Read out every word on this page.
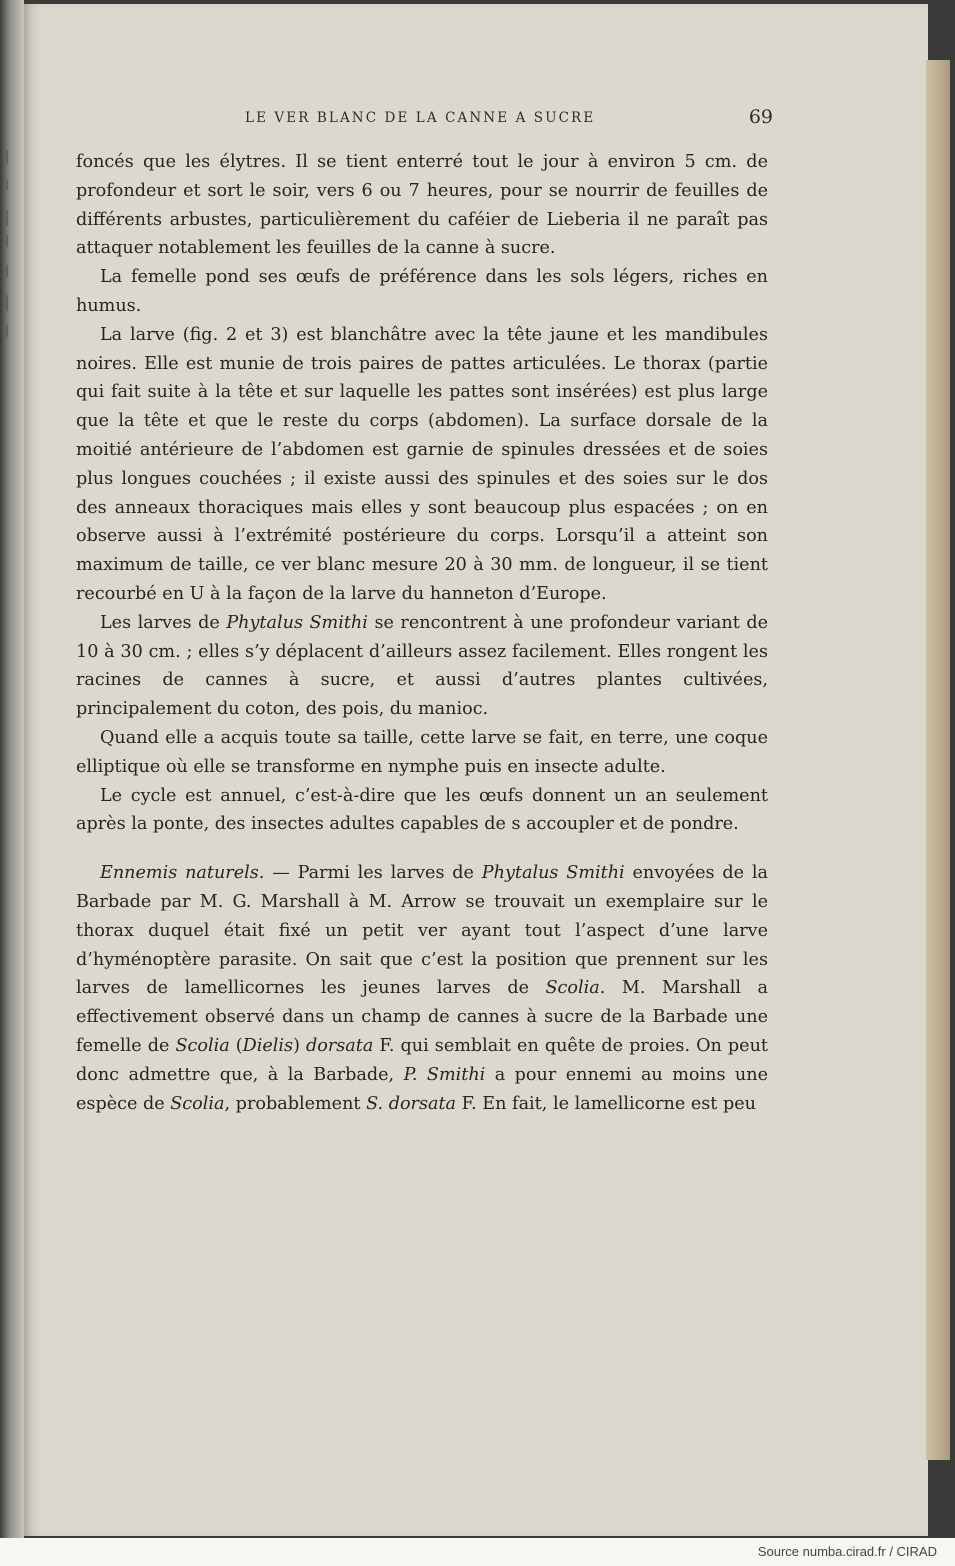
LE VER BLANC DE LA CANNE A SUCRE	69

foncés que les élytres. Il se tient enterré tout le jour à environ 5 cm. de profondeur et sort le soir, vers 6 ou 7 heures, pour se nourrir de feuilles de différents arbustes, particulièrement du caféier de Lieberia il ne paraît pas attaquer notablement les feuilles de la canne à sucre.

La femelle pond ses œufs de préférence dans les sols légers, riches en humus.

La larve (fig. 2 et 3) est blanchâtre avec la tête jaune et les mandibules noires. Elle est munie de trois paires de pattes articulées. Le thorax (partie qui fait suite à la tête et sur laquelle les pattes sont insérées) est plus large que la tête et que le reste du corps (abdomen). La surface dorsale de la moitié antérieure de l’abdomen est garnie de spinules dressées et de soies plus longues couchées ; il existe aussi des spinules et des soies sur le dos des anneaux thoraciques mais elles y sont beaucoup plus espacées ; on en observe aussi à l’extrémité postérieure du corps. Lorsqu’il a atteint son maximum de taille, ce ver blanc mesure 20 à 30 mm. de longueur, il se tient recourbé en U à la façon de la larve du hanneton d’Europe.

Les larves de Phytalus Smithi se rencontrent à une profondeur variant de 10 à 30 cm. ; elles s’y déplacent d’ailleurs assez facilement. Elles rongent les racines de cannes à sucre, et aussi d’autres plantes cultivées, principalement du coton, des pois, du manioc.

Quand elle a acquis toute sa taille, cette larve se fait, en terre, une coque elliptique où elle se transforme en nymphe puis en insecte adulte.

Le cycle est annuel, c’est-à-dire que les œufs donnent un an seulement après la ponte, des insectes adultes capables de s accoupler et de pondre.

Ennemis naturels. — Parmi les larves de Phytalus Smithi envoyées de la Barbade par M. G. Marshall à M. Arrow se trouvait un exemplaire sur le thorax duquel était fixé un petit ver ayant tout l’aspect d’une larve d’hyménoptère parasite. On sait que c’est la position que prennent sur les larves de lamellicornes les jeunes larves de Scolia. M. Marshall a effectivement observé dans un champ de cannes à sucre de la Barbade une femelle de Scolia (Dielis) dorsata F. qui semblait en quête de proies. On peut donc admettre que, à la Barbade, P. Smithi a pour ennemi au moins une espèce de Scolia, probablement S. dorsata F. En fait, le lamellicorne est peu

Source numba.cirad.fr / CIRAD
